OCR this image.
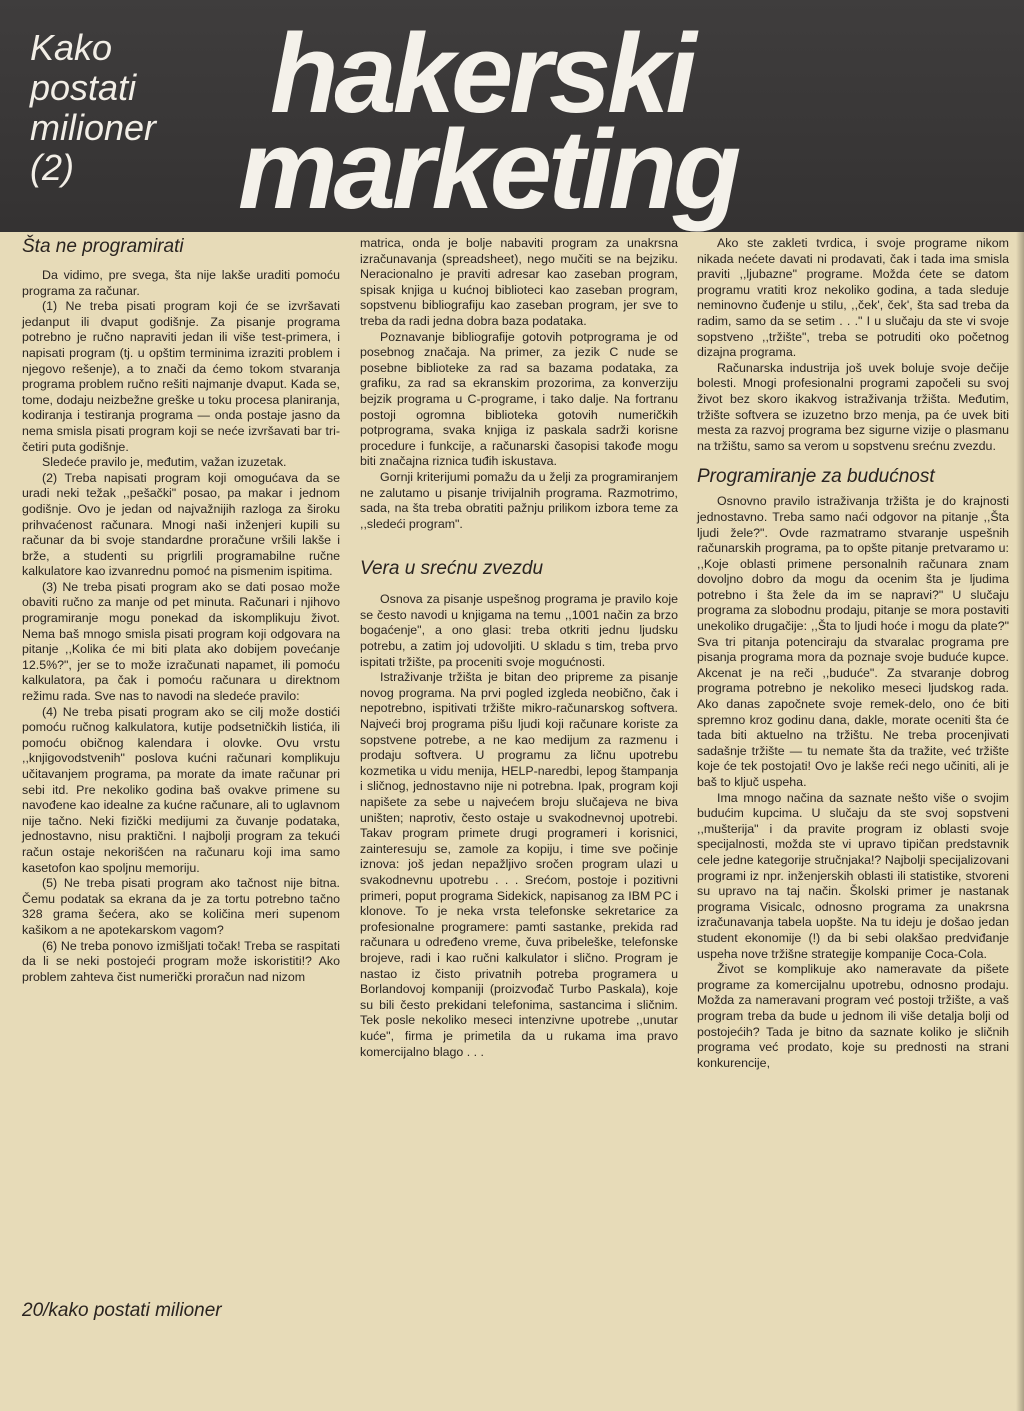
Kako
postati
milioner
(2)
hakerski
marketing
Šta ne programirati

Da vidimo, pre svega, šta nije lakše uraditi pomoću programa za računar.

(1) Ne treba pisati program koji će se izvršavati jedanput ili dvaput godišnje. Za pisanje programa potrebno je ručno napraviti jedan ili više test-primera, i napisati program (tj. u opštim terminima izraziti problem i njegovo rešenje), a to znači da ćemo tokom stvaranja programa problem ručno rešiti najmanje dvaput. Kada se, tome, dodaju neizbežne greške u toku procesa planiranja, kodiranja i testiranja programa — onda postaje jasno da nema smisla pisati program koji se neće izvršavati bar tri-četiri puta godišnje.

Sledeće pravilo je, međutim, važan izuzetak.

(2) Treba napisati program koji omogućava da se uradi neki težak ,,pešački" posao, pa makar i jednom godišnje. Ovo je jedan od najvažnijih razloga za široku prihvaćenost računara. Mnogi naši inženjeri kupili su računar da bi svoje standardne proračune vršili lakše i brže, a studenti su prigrlili programabilne ručne kalkulatore kao izvanrednu pomoć na pismenim ispitima.

(3) Ne treba pisati program ako se dati posao može obaviti ručno za manje od pet minuta. Računari i njihovo programiranje mogu ponekad da iskomplikuju život. Nema baš mnogo smisla pisati program koji odgovara na pitanje ,,Kolika će mi biti plata ako dobijem povećanje 12.5%?", jer se to može izračunati napamet, ili pomoću kalkulatora, pa čak i pomoću računara u direktnom režimu rada. Sve nas to navodi na sledeće pravilo:

(4) Ne treba pisati program ako se cilj može dostići pomoću ručnog kalkulatora, kutije podsetničkih listića, ili pomoću običnog kalendara i olovke. Ovu vrstu ,,knjigovodstvenih" poslova kućni računari komplikuju učitavanjem programa, pa morate da imate računar pri sebi itd. Pre nekoliko godina baš ovakve primene su navođene kao idealne za kućne računare, ali to uglavnom nije tačno. Neki fizički medijumi za čuvanje podataka, jednostavno, nisu praktični. I najbolji program za tekući račun ostaje nekorišćen na računaru koji ima samo kasetofon kao spoljnu memoriju.

(5) Ne treba pisati program ako tačnost nije bitna. Čemu podatak sa ekrana da je za tortu potrebno tačno 328 grama šećera, ako se količina meri supenom kašikom a ne apotekarskom vagom?

(6) Ne treba ponovo izmišljati točak! Treba se raspitati da li se neki postojeći program može iskoristiti!? Ako problem zahteva čist numerički proračun nad nizom

matrica, onda je bolje nabaviti program za unakrsna izračunavanja (spreadsheet), nego mučiti se na bejziku. Neracionalno je praviti adresar kao zaseban program, spisak knjiga u kućnoj biblioteci kao zaseban program, sopstvenu bibliografiju kao zaseban program, jer sve to treba da radi jedna dobra baza podataka.

Poznavanje bibliografije gotovih potprograma je od posebnog značaja. Na primer, za jezik C nude se posebne biblioteke za rad sa bazama podataka, za grafiku, za rad sa ekranskim prozorima, za konverziju bejzik programa u C-programe, i tako dalje. Na fortranu postoji ogromna biblioteka gotovih numeričkih potprograma, svaka knjiga iz paskala sadrži korisne procedure i funkcije, a računarski časopisi takođe mogu biti značajna riznica tuđih iskustava.

Gornji kriterijumi pomažu da u želji za programiranjem ne zalutamo u pisanje trivijalnih programa. Razmotrimo, sada, na šta treba obratiti pažnju prilikom izbora teme za ,,sledeći program".

Vera u srećnu zvezdu

Osnova za pisanje uspešnog programa je pravilo koje se često navodi u knjigama na temu ,,1001 način za brzo bogaćenje", a ono glasi: treba otkriti jednu ljudsku potrebu, a zatim joj udovoljiti. U skladu s tim, treba prvo ispitati tržište, pa proceniti svoje mogućnosti.

Istraživanje tržišta je bitan deo pripreme za pisanje novog programa. Na prvi pogled izgleda neobično, čak i nepotrebno, ispitivati tržište mikro-računarskog softvera. Najveći broj programa pišu ljudi koji računare koriste za sopstvene potrebe, a ne kao medijum za razmenu i prodaju softvera. U programu za ličnu upotrebu kozmetika u vidu menija, HELP-naredbi, lepog štampanja i sličnog, jednostavno nije ni potrebna. Ipak, program koji napišete za sebe u najvećem broju slučajeva ne biva uništen; naprotiv, često ostaje u svakodnevnoj upotrebi. Takav program primete drugi programeri i korisnici, zainteresuju se, zamole za kopiju, i time sve počinje iznova: još jedan nepažljivo sročen program ulazi u svakodnevnu upotrebu . . . Srećom, postoje i pozitivni primeri, poput programa Sidekick, napisanog za IBM PC i klonove. To je neka vrsta telefonske sekretarice za profesionalne programere: pamti sastanke, prekida rad računara u određeno vreme, čuva pribeleške, telefonske brojeve, radi i kao ručni kalkulator i slično. Program je nastao iz čisto privatnih potreba programera u Borlandovoj kompaniji (proizvođač Turbo Paskala), koje su bili često prekidani telefonima, sastancima i sličnim. Tek posle nekoliko meseci intenzivne upotrebe ,,unutar kuće", firma je primetila da u rukama ima pravo komercijalno blago . . .

Ako ste zakleti tvrdica, i svoje programe nikom nikada nećete davati ni prodavati, čak i tada ima smisla praviti ,,ljubazne" programe. Možda ćete se datom programu vratiti kroz nekoliko godina, a tada sleduje neminovno čuđenje u stilu, ,,ček', ček', šta sad treba da radim, samo da se setim . . ." I u slučaju da ste vi svoje sopstveno ,,tržište", treba se potruditi oko početnog dizajna programa.

Računarska industrija još uvek boluje svoje dečije bolesti. Mnogi profesionalni programi započeli su svoj život bez skoro ikakvog istraživanja tržišta. Međutim, tržište softvera se izuzetno brzo menja, pa će uvek biti mesta za razvoj programa bez sigurne vizije o plasmanu na tržištu, samo sa verom u sopstvenu srećnu zvezdu.

Programiranje za budućnost

Osnovno pravilo istraživanja tržišta je do krajnosti jednostavno. Treba samo naći odgovor na pitanje ,,Šta ljudi žele?". Ovde razmatramo stvaranje uspešnih računarskih programa, pa to opšte pitanje pretvaramo u: ,,Koje oblasti primene personalnih računara znam dovoljno dobro da mogu da ocenim šta je ljudima potrebno i šta žele da im se napravi?" U slučaju programa za slobodnu prodaju, pitanje se mora postaviti unekoliko drugačije: ,,Šta to ljudi hoće i mogu da plate?" Sva tri pitanja potenciraju da stvaralac programa pre pisanja programa mora da poznaje svoje buduće kupce. Akcenat je na reči ,,buduće". Za stvaranje dobrog programa potrebno je nekoliko meseci ljudskog rada. Ako danas započnete svoje remek-delo, ono će biti spremno kroz godinu dana, dakle, morate oceniti šta će tada biti aktuelno na tržištu. Ne treba procenjivati sadašnje tržište — tu nemate šta da tražite, već tržište koje će tek postojati! Ovo je lakše reći nego učiniti, ali je baš to ključ uspeha.

Ima mnogo načina da saznate nešto više o svojim budućim kupcima. U slučaju da ste svoj sopstveni ,,mušterija" i da pravite program iz oblasti svoje specijalnosti, možda ste vi upravo tipičan predstavnik cele jedne kategorije stručnjaka!? Najbolji specijalizovani programi iz npr. inženjerskih oblasti ili statistike, stvoreni su upravo na taj način. Školski primer je nastanak programa Visicalc, odnosno programa za unakrsna izračunavanja tabela uopšte. Na tu ideju je došao jedan student ekonomije (!) da bi sebi olakšao predviđanje uspeha nove tržišne strategije kompanije Coca-Cola.

Život se komplikuje ako nameravate da pišete programe za komercijalnu upotrebu, odnosno prodaju. Možda za nameravani program već postoji tržište, a vaš program treba da bude u jednom ili više detalja bolji od postojećih? Tada je bitno da saznate koliko je sličnih programa već prodato, koje su prednosti na strani konkurencije,

20/kako postati milioner
